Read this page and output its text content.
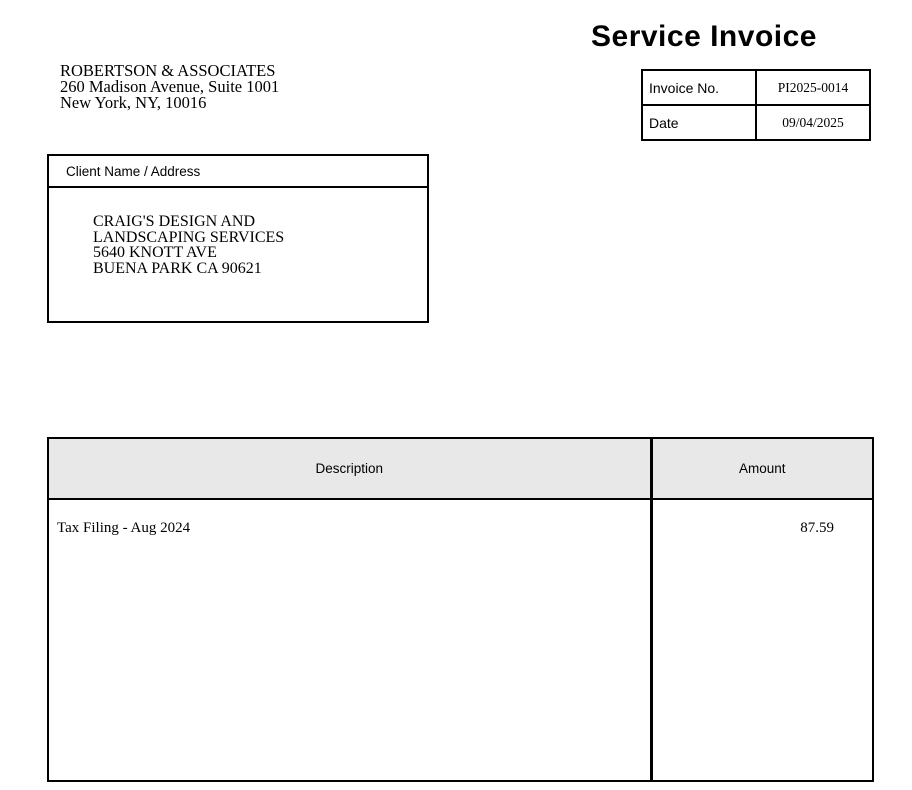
Service Invoice
ROBERTSON & ASSOCIATES
260 Madison Avenue, Suite 1001
New York, NY, 10016
Invoice No.	PI2025-0014
Date	09/04/2025
Client Name / Address
CRAIG'S DESIGN AND
LANDSCAPING SERVICES
5640 KNOTT AVE
BUENA PARK CA 90621
Description	Amount
Tax Filing - Aug 2024	87.59
